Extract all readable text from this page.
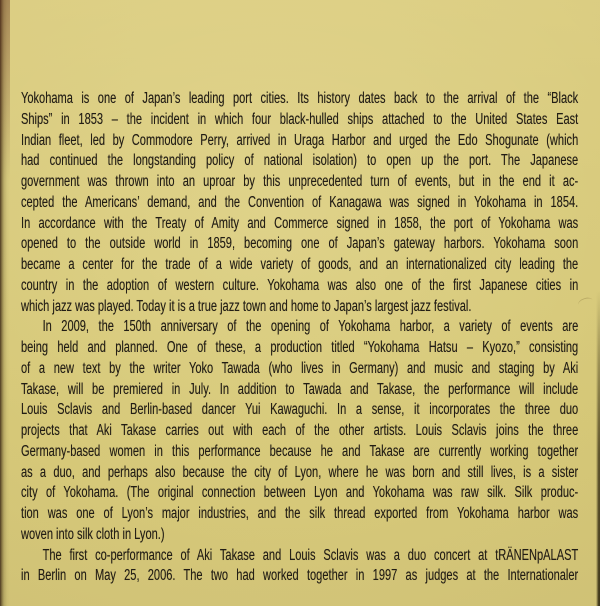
Yokohama is one of Japan’s leading port cities. Its history dates back to the arrival of the “Black
Ships” in 1853 – the incident in which four black-hulled ships attached to the United States East
Indian fleet, led by Commodore Perry, arrived in Uraga Harbor and urged the Edo Shogunate (which
had continued the longstanding policy of national isolation) to open up the port. The Japanese
government was thrown into an uproar by this unprecedented turn of events, but in the end it ac-
cepted the Americans’ demand, and the Convention of Kanagawa was signed in Yokohama in 1854.
In accordance with the Treaty of Amity and Commerce signed in 1858, the port of Yokohama was
opened to the outside world in 1859, becoming one of Japan’s gateway harbors. Yokohama soon
became a center for the trade of a wide variety of goods, and an internationalized city leading the
country in the adoption of western culture. Yokohama was also one of the first Japanese cities in
which jazz was played. Today it is a true jazz town and home to Japan’s largest jazz festival.
In 2009, the 150th anniversary of the opening of Yokohama harbor, a variety of events are
being held and planned. One of these, a production titled “Yokohama Hatsu – Kyozo,” consisting
of a new text by the writer Yoko Tawada (who lives in Germany) and music and staging by Aki
Takase, will be premiered in July. In addition to Tawada and Takase, the performance will include
Louis Sclavis and Berlin-based dancer Yui Kawaguchi. In a sense, it incorporates the three duo
projects that Aki Takase carries out with each of the other artists. Louis Sclavis joins the three
Germany-based women in this performance because he and Takase are currently working together
as a duo, and perhaps also because the city of Lyon, where he was born and still lives, is a sister
city of Yokohama. (The original connection between Lyon and Yokohama was raw silk. Silk produc-
tion was one of Lyon’s major industries, and the silk thread exported from Yokohama harbor was
woven into silk cloth in Lyon.)
The first co-performance of Aki Takase and Louis Sclavis was a duo concert at tRÄNENpALAST
in Berlin on May 25, 2006. The two had worked together in 1997 as judges at the Internationaler
